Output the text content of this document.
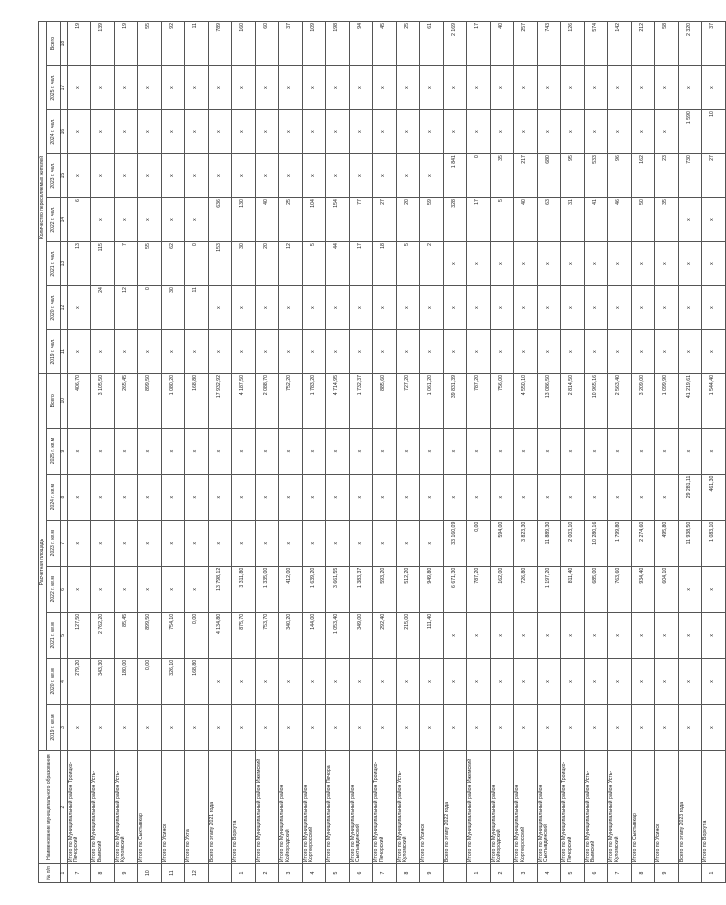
№ п/п	Наименование муниципального образования	Расчетная площадь								Количество переселяемых жителей							
		2019 г. кв.м	2020 г. кв.м	2021 г. кв.м	2022 г. кв.м	2023 г. кв.м	2024 г. кв.м	2025 г. кв.м	Всего	2019 г. чел.	2020 г. чел.	2021 г. чел.	2022 г. чел.	2023 г. чел.	2024 г. чел.	2025 г. чел.	Всего
1	2	3	4	5	6	7	8	9	10	11	12	13	14	15	16	17	18
7	Итого по Муниципальный район Троицко-Печорский	х	279,20	127,50	х	х	х	х	406,70	х	х	13	6	х	х	х	19
8	Итого по Муниципальный район Усть-Вымский	х	343,30	2 762,20	х	х	х	х	3 105,50	х	24	115	х	х	х	х	139
9	Итого по Муниципальный район Усть-Куломский	х	180,00	85,45	х	х	х	х	265,45	х	12	7	х	х	х	х	19
10	Итого по Сыктывкар	х	0,00	899,50	х	х	х	х	899,50	х	0	55	х	х	х	х	55
11	Итого по Усинск	х	326,10	754,10	х	х	х	х	1 080,20	х	30	62	х	х	х	х	92
12	Итого по Ухта	х	168,80	0,00	х	х	х	х	168,80	х	11	0	х	х	х	х	11
	Всего по этапу 2021 года	х	х	4 134,80	13 798,12	х	х	х	17 932,92	х	х	153	636	х	х	х	789
1	Итого по Воркута	х	х	875,70	3 311,80	х	х	х	4 187,50	х	х	30	130	х	х	х	160
2	Итого по Муниципальный район Ижемский	х	х	753,70	1 335,00	х	х	х	2 088,70	х	х	20	40	х	х	х	60
3	Итого по Муниципальный район Койгородский	х	х	340,20	412,00	х	х	х	752,20	х	х	12	25	х	х	х	37
4	Итого по Муниципальный район Корткеросский	х	х	144,00	1 639,20	х	х	х	1 783,20	х	х	5	104	х	х	х	109
5	Итого по Муниципальный район Печора	х	х	1 053,40	3 661,55	х	х	х	4 714,95	х	х	44	154	х	х	х	198
6	Итого по Муниципальный район Сыктывдинский	х	х	349,00	1 383,37	х	х	х	1 732,37	х	х	17	77	х	х	х	94
7	Итого по Муниципальный район Троицко-Печорский	х	х	292,40	593,20	х	х	х	885,60	х	х	18	27	х	х	х	45
8	Итого по Муниципальный район Усть-Куломский	х	х	215,00	512,20	х	х	х	727,20	х	х	5	20	х	х	х	25
9	Итого по Усинск	х	х	111,40	949,80	х	х	х	1 061,20	х	х	2	59	х	х	х	61
	Всего по этапу 2022 года	х	х	х	6 671,30	33 160,09	х	х	39 831,39	х	х	х	328	1 841	х	х	2 169
1	Итого по Муниципальный район Ижемский	х	х	х	787,20	0,00	х	х	787,20	х	х	х	17	0	х	х	17
2	Итого по Муниципальный район Койгородский	х	х	х	162,00	594,00	х	х	756,00	х	х	х	5	35	х	х	40
3	Итого по Муниципальный район Корткеросский	х	х	х	726,80	3 823,30	х	х	4 550,10	х	х	х	40	217	х	х	257
4	Итого по Муниципальный район Сыктывдинский	х	х	х	1 197,20	11 889,30	х	х	13 086,50	х	х	х	63	680	х	х	743
5	Итого по Муниципальный район Троицко-Печорский	х	х	х	811,40	2 003,10	х	х	2 814,50	х	х	х	31	95	х	х	126
6	Итого по Муниципальный район Усть-Вымский	х	х	х	685,00	10 280,16	х	х	10 965,16	х	х	х	41	533	х	х	574
7	Итого по Муниципальный район Усть-Куломский	х	х	х	763,60	1 799,80	х	х	2 563,40	х	х	х	46	96	х	х	142
8	Итого по Сыктывкар	х	х	х	934,40	2 274,60	х	х	3 209,00	х	х	х	50	162	х	х	212
9	Итого по Усинск	х	х	х	604,10	495,80	х	х	1 099,90	х	х	х	35	23	х	х	58
	Всего по этапу 2023 года	х	х	х	х	11 938,50	29 281,11	х	41 219,61	х	х	х	х	730	1 590	х	2 320
1	Итого по Воркута	х	х	х	х	1 083,10	461,30	х	1 544,40	х	х	х	х	27	10	х	37
